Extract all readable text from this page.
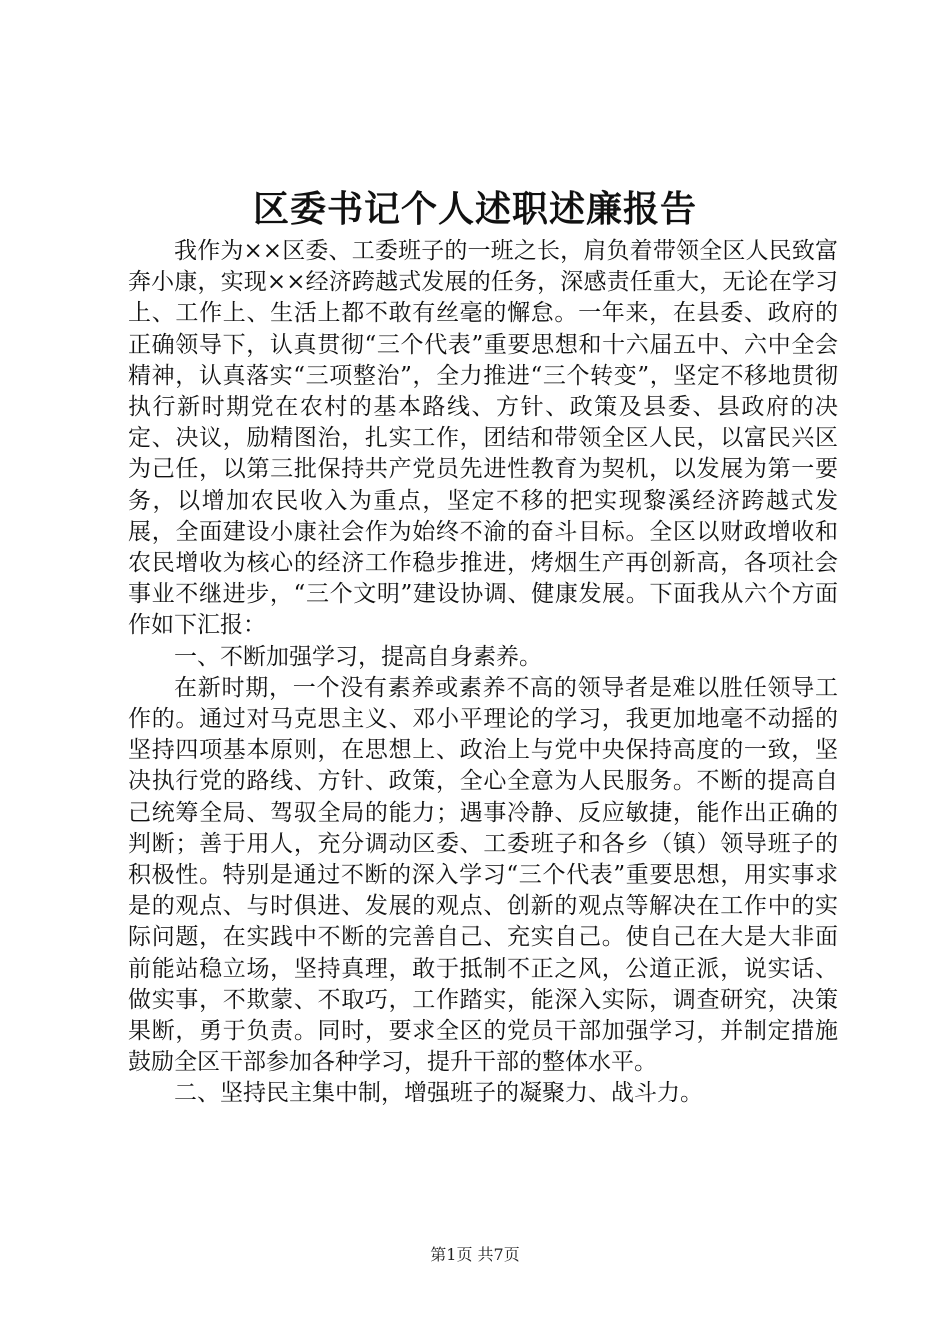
区委书记个人述职述廉报告

我作为××区委、工委班子的一班之长，肩负着带领全区人民致富奔小康，实现××经济跨越式发展的任务，深感责任重大，无论在学习上、工作上、生活上都不敢有丝毫的懈怠。一年来，在县委、政府的正确领导下，认真贯彻“三个代表”重要思想和十六届五中、六中全会精神，认真落实“三项整治”，全力推进“三个转变”，坚定不移地贯彻执行新时期党在农村的基本路线、方针、政策及县委、县政府的决定、决议，励精图治，扎实工作，团结和带领全区人民，以富民兴区为己任，以第三批保持共产党员先进性教育为契机，以发展为第一要务，以增加农民收入为重点，坚定不移的把实现黎溪经济跨越式发展，全面建设小康社会作为始终不渝的奋斗目标。全区以财政增收和农民增收为核心的经济工作稳步推进，烤烟生产再创新高，各项社会事业不继进步，“三个文明”建设协调、健康发展。下面我从六个方面作如下汇报：

一、不断加强学习，提高自身素养。

在新时期，一个没有素养或素养不高的领导者是难以胜任领导工作的。通过对马克思主义、邓小平理论的学习，我更加地毫不动摇的坚持四项基本原则，在思想上、政治上与党中央保持高度的一致，坚决执行党的路线、方针、政策，全心全意为人民服务。不断的提高自己统筹全局、驾驭全局的能力；遇事冷静、反应敏捷，能作出正确的判断；善于用人，充分调动区委、工委班子和各乡（镇）领导班子的积极性。特别是通过不断的深入学习“三个代表”重要思想，用实事求是的观点、与时俱进、发展的观点、创新的观点等解决在工作中的实际问题，在实践中不断的完善自己、充实自己。使自己在大是大非面前能站稳立场，坚持真理，敢于抵制不正之风，公道正派，说实话、做实事，不欺蒙、不取巧，工作踏实，能深入实际，调查研究，决策果断，勇于负责。同时，要求全区的党员干部加强学习，并制定措施鼓励全区干部参加各种学习，提升干部的整体水平。

二、坚持民主集中制，增强班子的凝聚力、战斗力。

第1页 共7页
